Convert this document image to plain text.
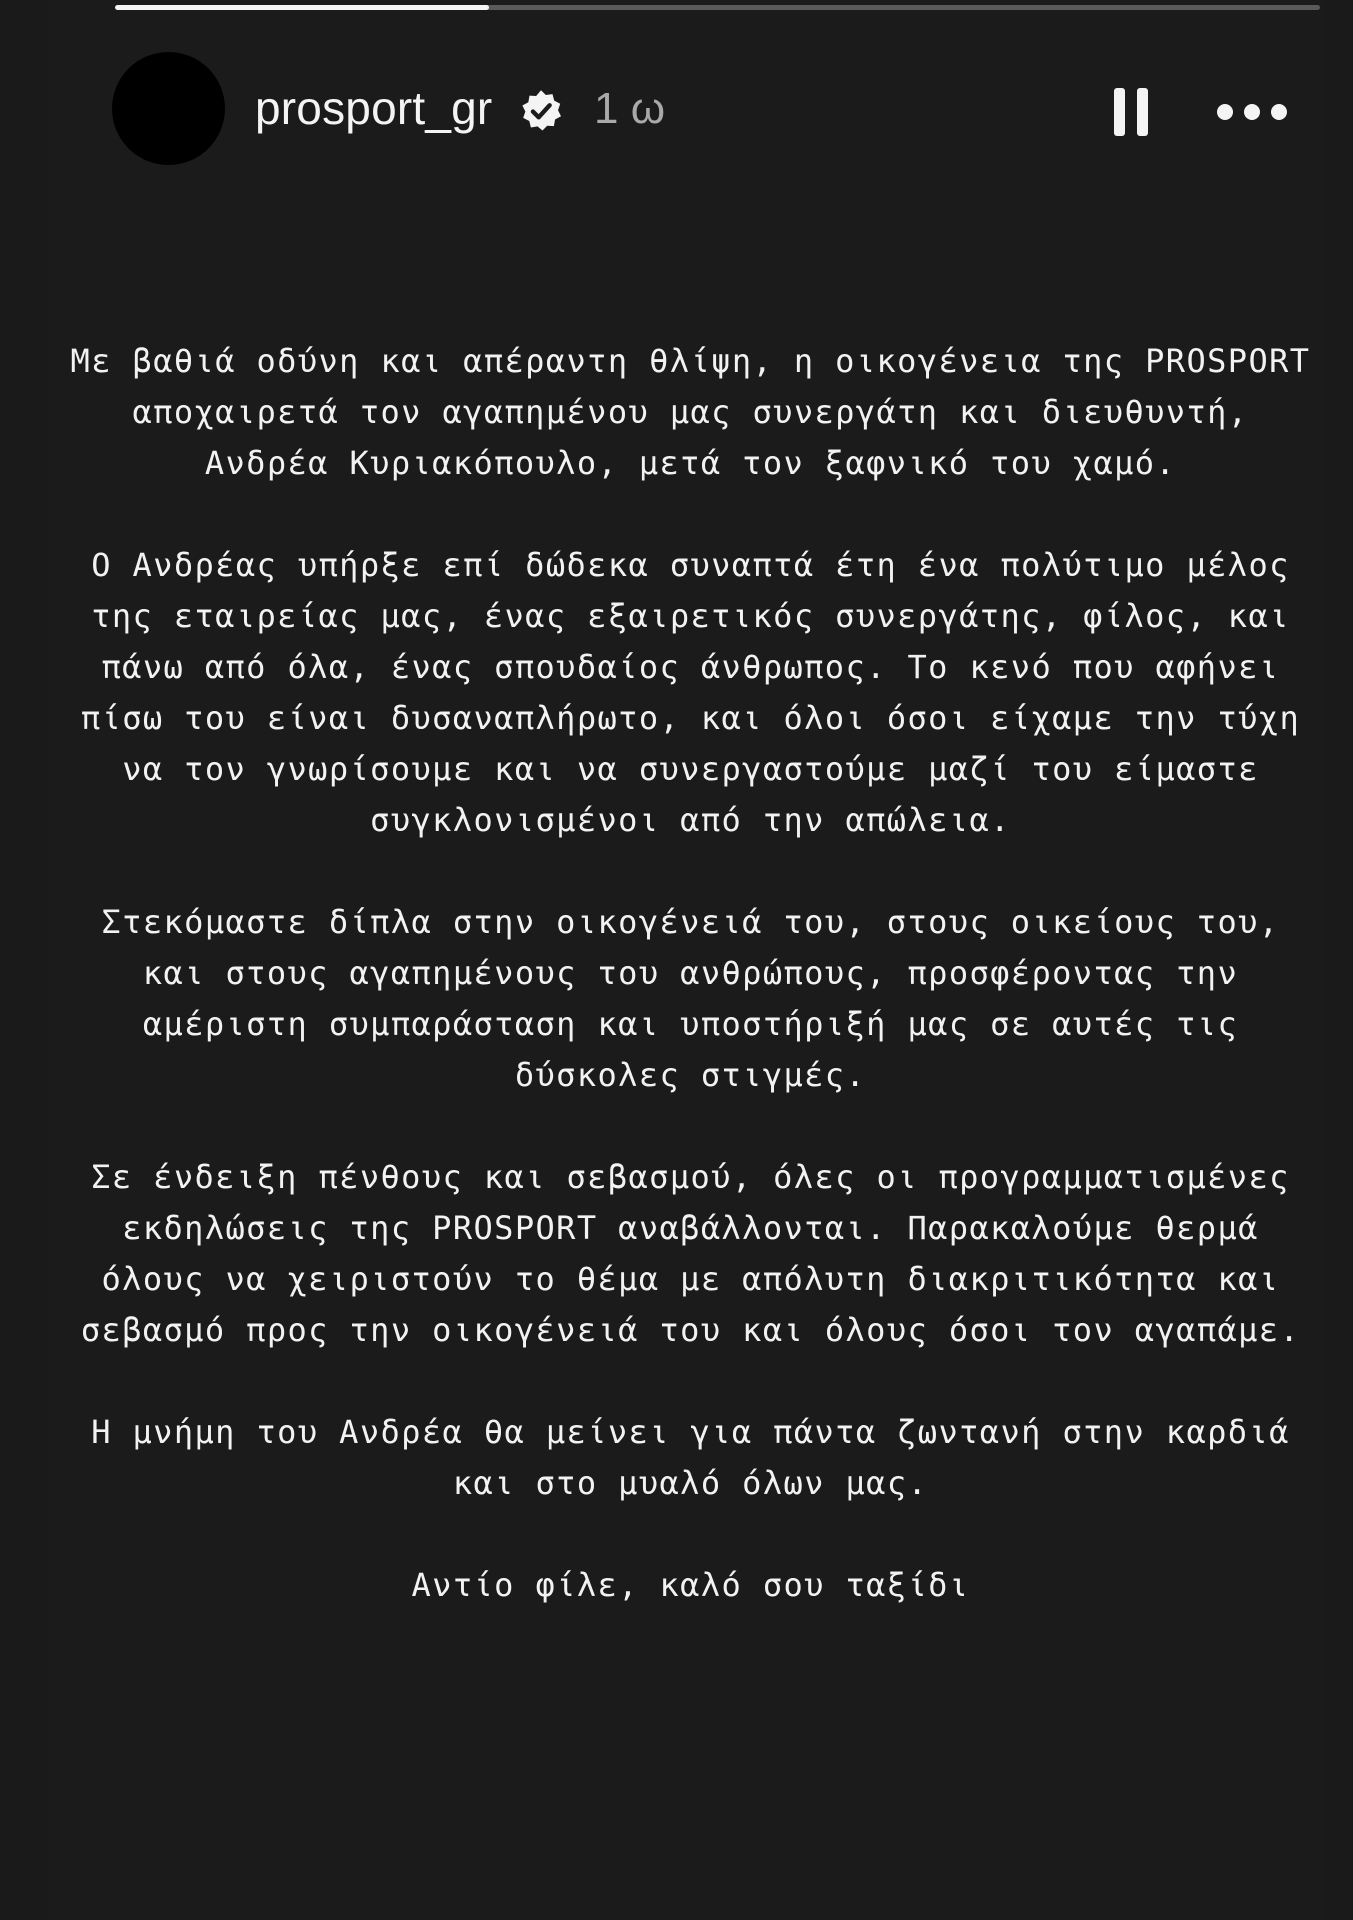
prosport_gr 1 ω

Με βαθιά οδύνη και απέραντη θλίψη, η οικογένεια της PROSPORT αποχαιρετά τον αγαπημένου μας συνεργάτη και διευθυντή, Ανδρέα Κυριακόπουλο, μετά τον ξαφνικό του χαμό.

Ο Ανδρέας υπήρξε επί δώδεκα συναπτά έτη ένα πολύτιμο μέλος της εταιρείας μας, ένας εξαιρετικός συνεργάτης, φίλος, και πάνω από όλα, ένας σπουδαίος άνθρωπος. Το κενό που αφήνει πίσω του είναι δυσαναπλήρωτο, και όλοι όσοι είχαμε την τύχη να τον γνωρίσουμε και να συνεργαστούμε μαζί του είμαστε συγκλονισμένοι από την απώλεια.

Στεκόμαστε δίπλα στην οικογένειά του, στους οικείους του, και στους αγαπημένους του ανθρώπους, προσφέροντας την αμέριστη συμπαράσταση και υποστήριξή μας σε αυτές τις δύσκολες στιγμές.

Σε ένδειξη πένθους και σεβασμού, όλες οι προγραμματισμένες εκδηλώσεις της PROSPORT αναβάλλονται. Παρακαλούμε θερμά όλους να χειριστούν το θέμα με απόλυτη διακριτικότητα και σεβασμό προς την οικογένειά του και όλους όσοι τον αγαπάμε.

Η μνήμη του Ανδρέα θα μείνει για πάντα ζωντανή στην καρδιά και στο μυαλό όλων μας.

Αντίο φίλε, καλό σου ταξίδι
